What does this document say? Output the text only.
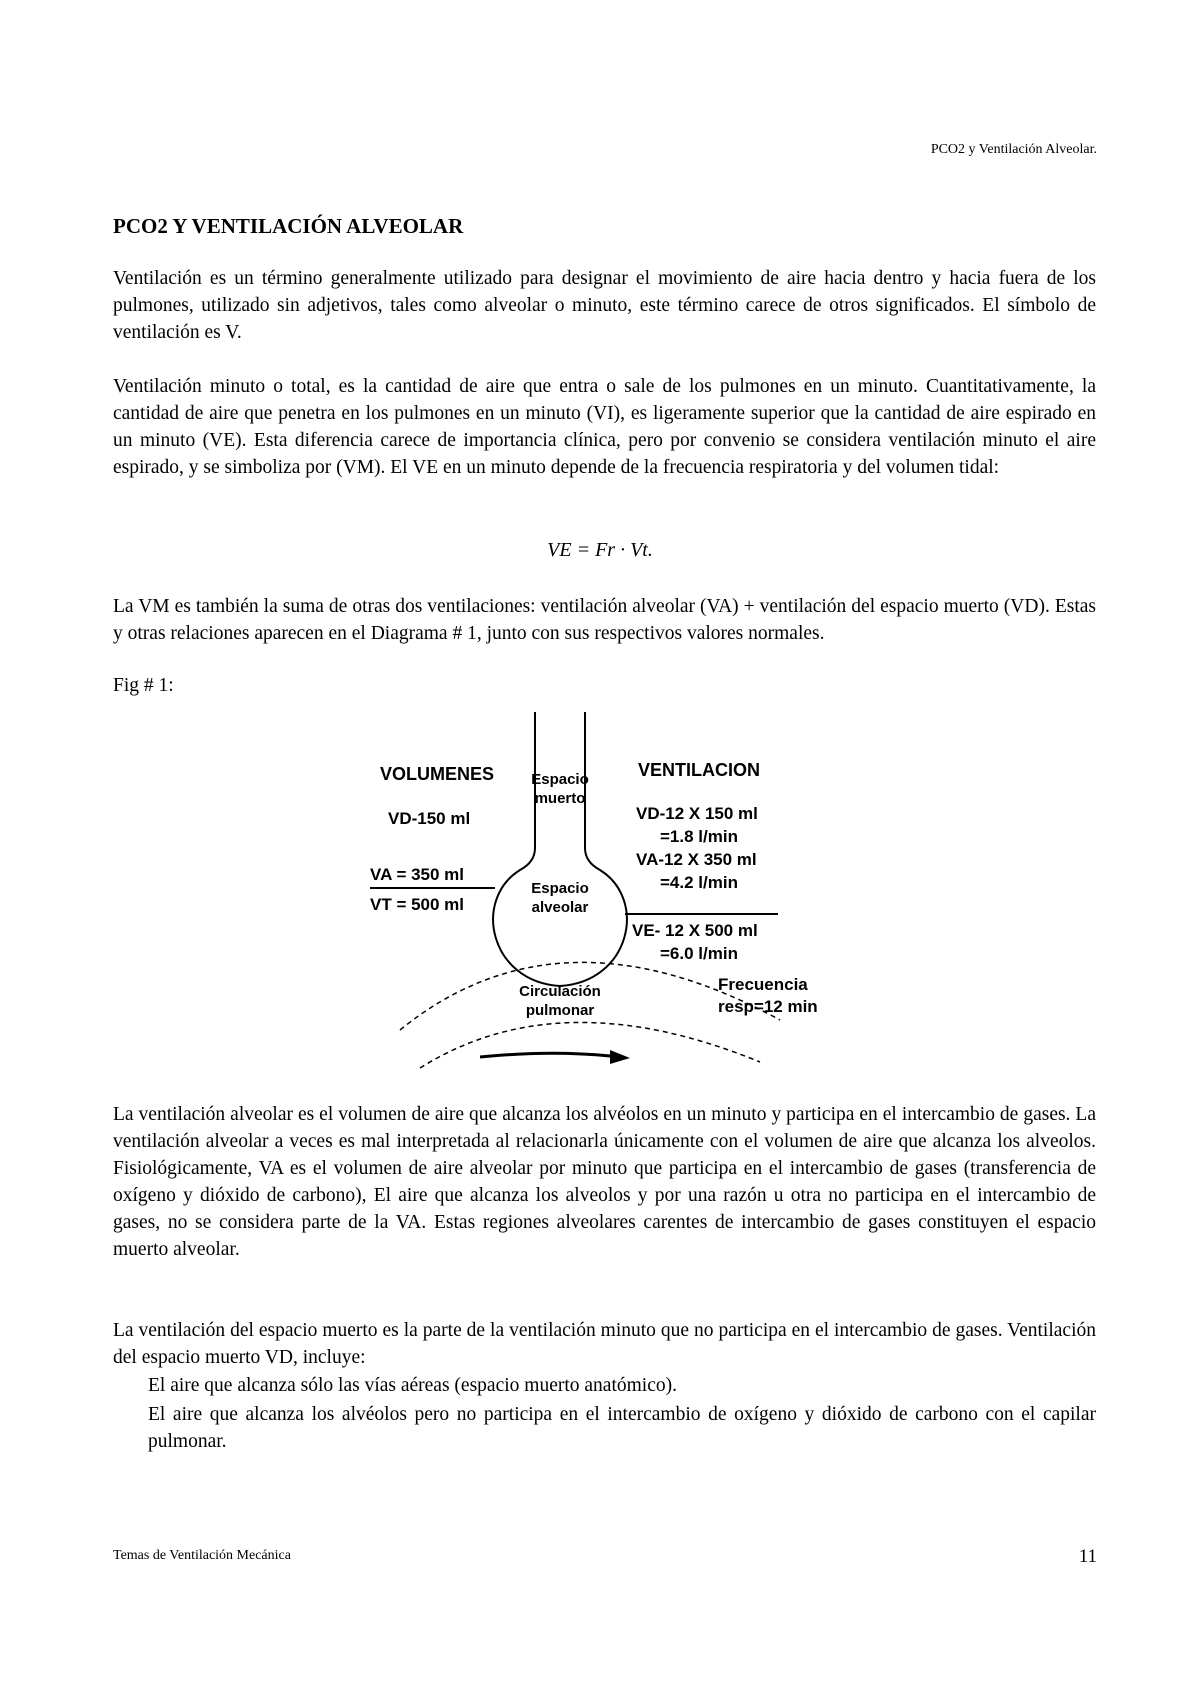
PCO2 y Ventilación Alveolar.
PCO2 Y VENTILACIÓN ALVEOLAR

Ventilación es un término generalmente utilizado para designar el movimiento de aire hacia dentro y hacia fuera de los pulmones, utilizado sin adjetivos, tales como alveolar o minuto, este término carece de otros significados. El símbolo de ventilación es V.

Ventilación minuto o total, es la cantidad de aire que entra o sale de los pulmones en un minuto. Cuantitativamente, la cantidad de aire que penetra en los pulmones en un minuto (VI), es ligeramente superior que la cantidad de aire espirado en un minuto (VE). Esta diferencia carece de importancia clínica, pero por convenio se considera ventilación minuto el aire espirado, y se simboliza por (VM). El VE en un minuto depende de la frecuencia respiratoria y del volumen tidal:

VE = Fr · Vt.

La VM es también la suma de otras dos ventilaciones: ventilación alveolar (VA) + ventilación del espacio muerto (VD). Estas y otras relaciones aparecen en el Diagrama # 1, junto con sus respectivos valores normales.

Fig # 1:
VOLUMENES
VD-150 ml
VA = 350 ml
VT = 500 ml
Espacio
muerto
Espacio
alveolar
Circulación
pulmonar
VENTILACION
VD-12 X 150 ml
=1.8 l/min
VA-12 X 350 ml
=4.2 l/min
VE- 12 X 500 ml
=6.0 l/min
Frecuencia
resp=12 min

La ventilación alveolar es el volumen de aire que alcanza los alvéolos en un minuto y participa en el intercambio de gases. La ventilación alveolar a veces es mal interpretada al relacionarla únicamente con el volumen de aire que alcanza los alveolos. Fisiológicamente, VA es el volumen de aire alveolar por minuto que participa en el intercambio de gases (transferencia de oxígeno y dióxido de carbono), El aire que alcanza los alveolos y por una razón u otra no participa en el intercambio de gases, no se considera parte de la VA. Estas regiones alveolares carentes de intercambio de gases constituyen el espacio muerto alveolar.

La ventilación del espacio muerto es la parte de la ventilación minuto que no participa en el intercambio de gases. Ventilación del espacio muerto VD, incluye:

El aire que alcanza sólo las vías aéreas (espacio muerto anatómico).
El aire que alcanza los alvéolos pero no participa en el intercambio de oxígeno y dióxido de carbono con el capilar pulmonar.
Temas de Ventilación Mecánica	11
